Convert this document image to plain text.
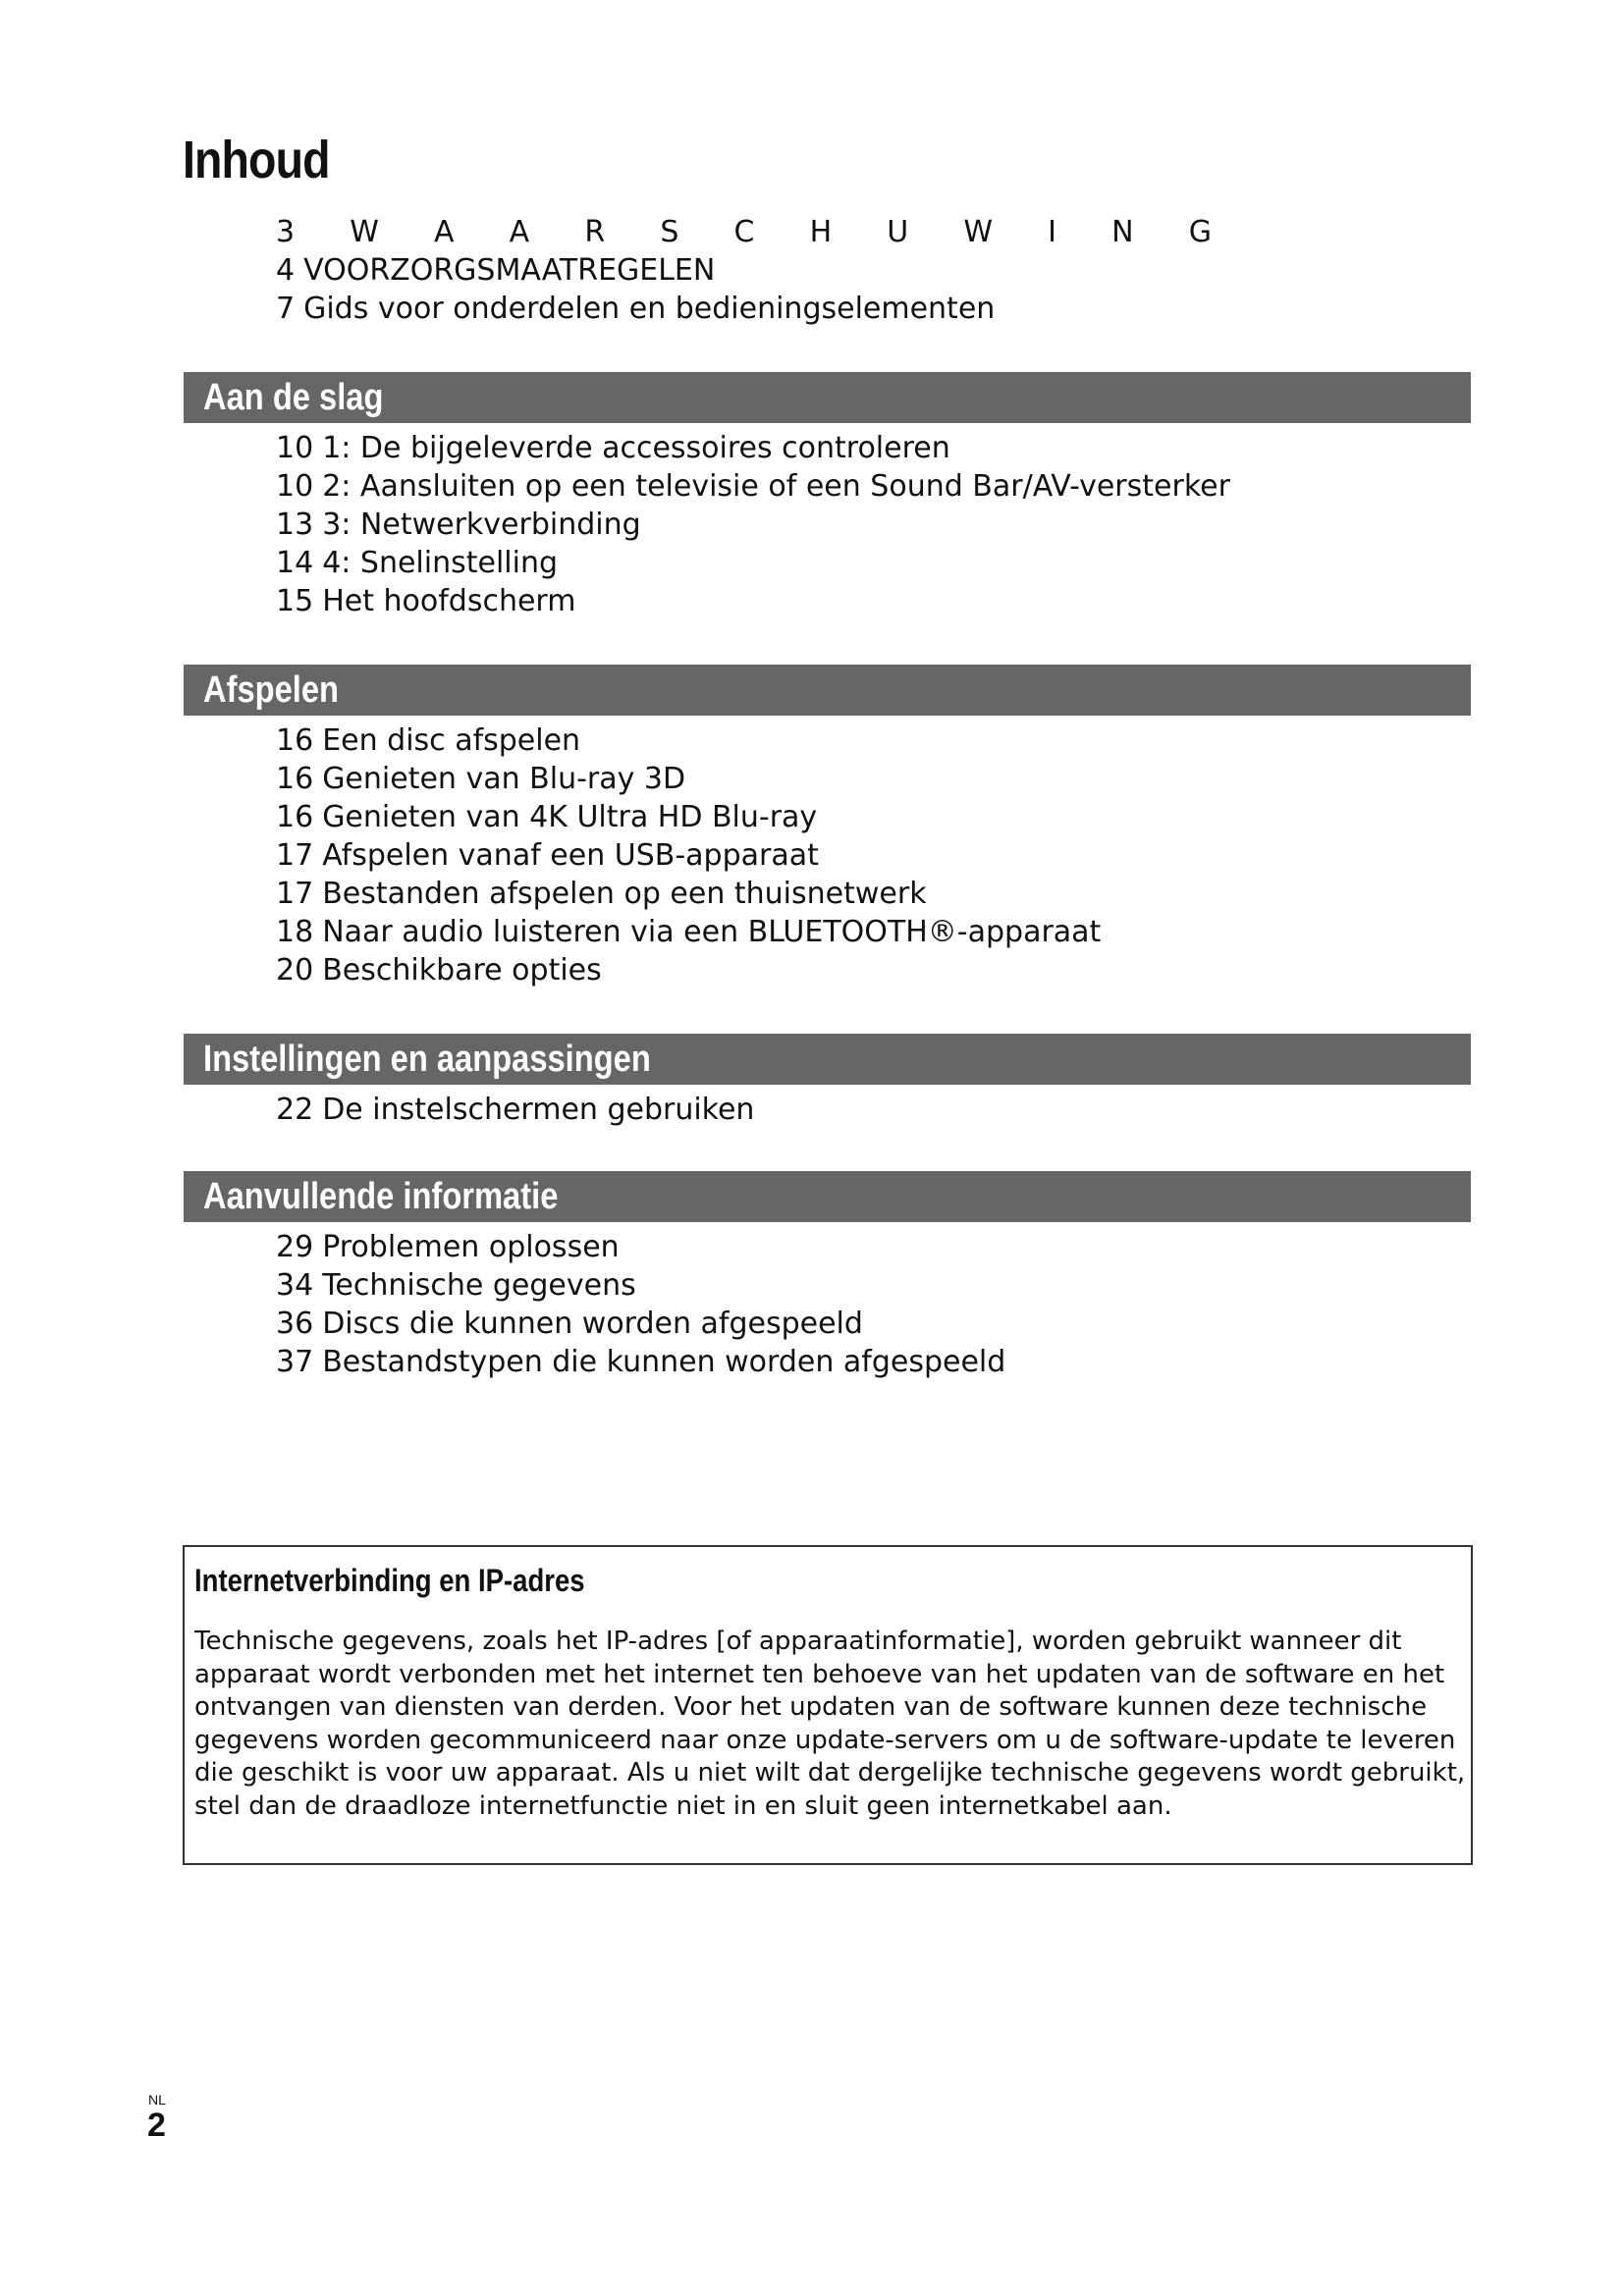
Inhoud
3 W A A R S C H U W I N G
4 VOORZORGSMAATREGELEN
7 Gids voor onderdelen en bedieningselementen
Aan de slag
10 1: De bijgeleverde accessoires controleren
10 2: Aansluiten op een televisie of een Sound Bar/AV-versterker
13 3: Netwerkverbinding
14 4: Snelinstelling
15 Het hoofdscherm
Afspelen
16 Een disc afspelen
16 Genieten van Blu-ray 3D
16 Genieten van 4K Ultra HD Blu-ray
17 Afspelen vanaf een USB-apparaat
17 Bestanden afspelen op een thuisnetwerk
18 Naar audio luisteren via een BLUETOOTH®-apparaat
20 Beschikbare opties
Instellingen en aanpassingen
22 De instelschermen gebruiken
Aanvullende informatie
29 Problemen oplossen
34 Technische gegevens
36 Discs die kunnen worden afgespeeld
37 Bestandstypen die kunnen worden afgespeeld
Internetverbinding en IP-adres

Technische gegevens, zoals het IP-adres [of apparaatinformatie], worden gebruikt wanneer dit apparaat wordt verbonden met het internet ten behoeve van het updaten van de software en het ontvangen van diensten van derden. Voor het updaten van de software kunnen deze technische gegevens worden gecommuniceerd naar onze update-servers om u de software-update te leveren die geschikt is voor uw apparaat. Als u niet wilt dat dergelijke technische gegevens wordt gebruikt, stel dan de draadloze internetfunctie niet in en sluit geen internetkabel aan.

NL
2
